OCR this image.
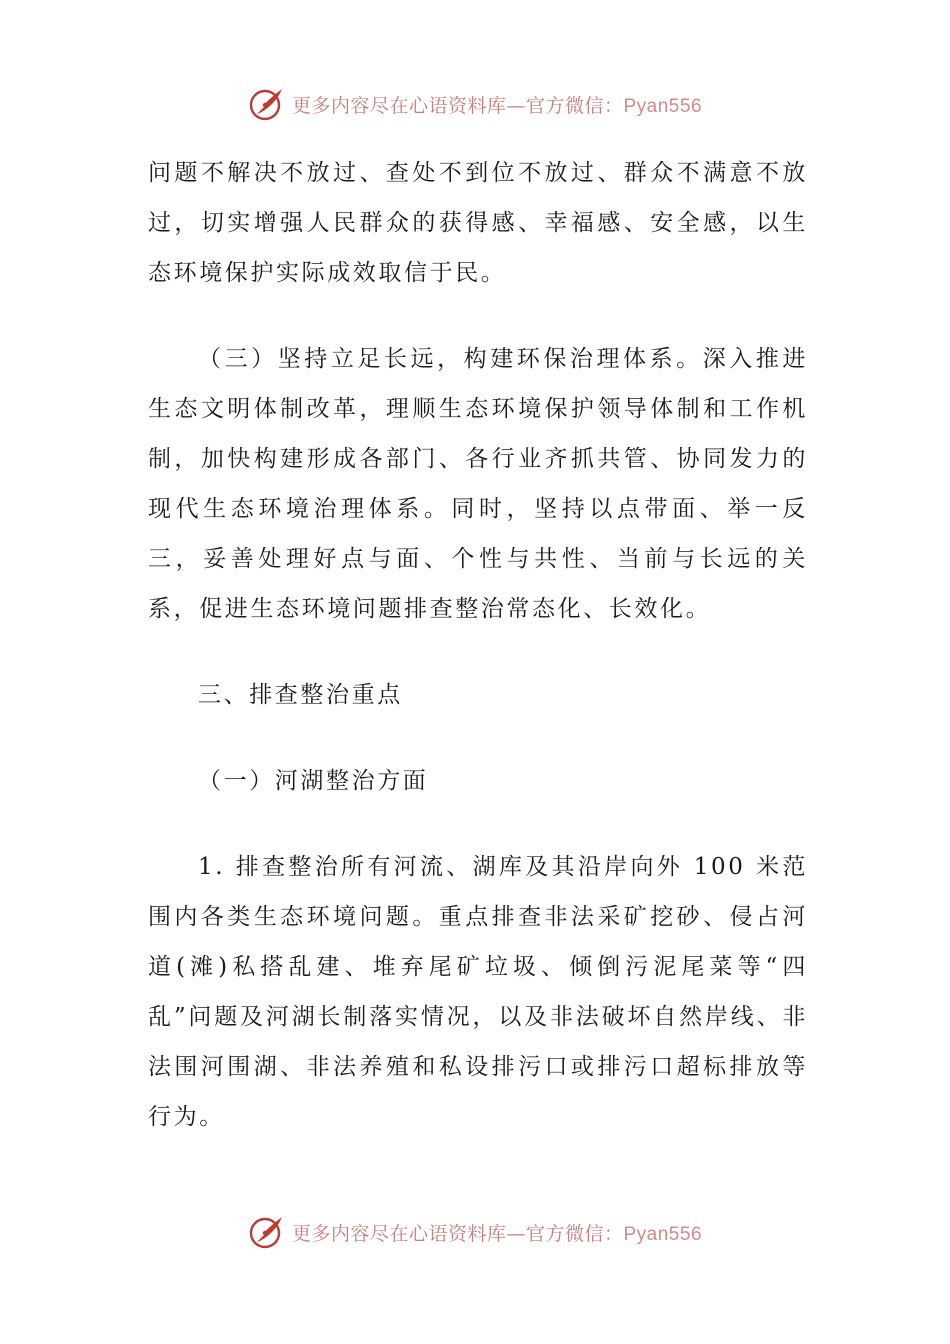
更多内容尽在心语资料库—官方微信：Pyan556

问题不解决不放过、查处不到位不放过、群众不满意不放过，切实增强人民群众的获得感、幸福感、安全感，以生态环境保护实际成效取信于民。

（三）坚持立足长远，构建环保治理体系。深入推进生态文明体制改革，理顺生态环境保护领导体制和工作机制，加快构建形成各部门、各行业齐抓共管、协同发力的现代生态环境治理体系。同时，坚持以点带面、举一反三，妥善处理好点与面、个性与共性、当前与长远的关系，促进生态环境问题排查整治常态化、长效化。

三、排查整治重点

（一）河湖整治方面

1. 排查整治所有河流、湖库及其沿岸向外 100 米范围内各类生态环境问题。重点排查非法采矿挖砂、侵占河道(滩)私搭乱建、堆弃尾矿垃圾、倾倒污泥尾菜等“四乱”问题及河湖长制落实情况，以及非法破坏自然岸线、非法围河围湖、非法养殖和私设排污口或排污口超标排放等行为。

更多内容尽在心语资料库—官方微信：Pyan556
